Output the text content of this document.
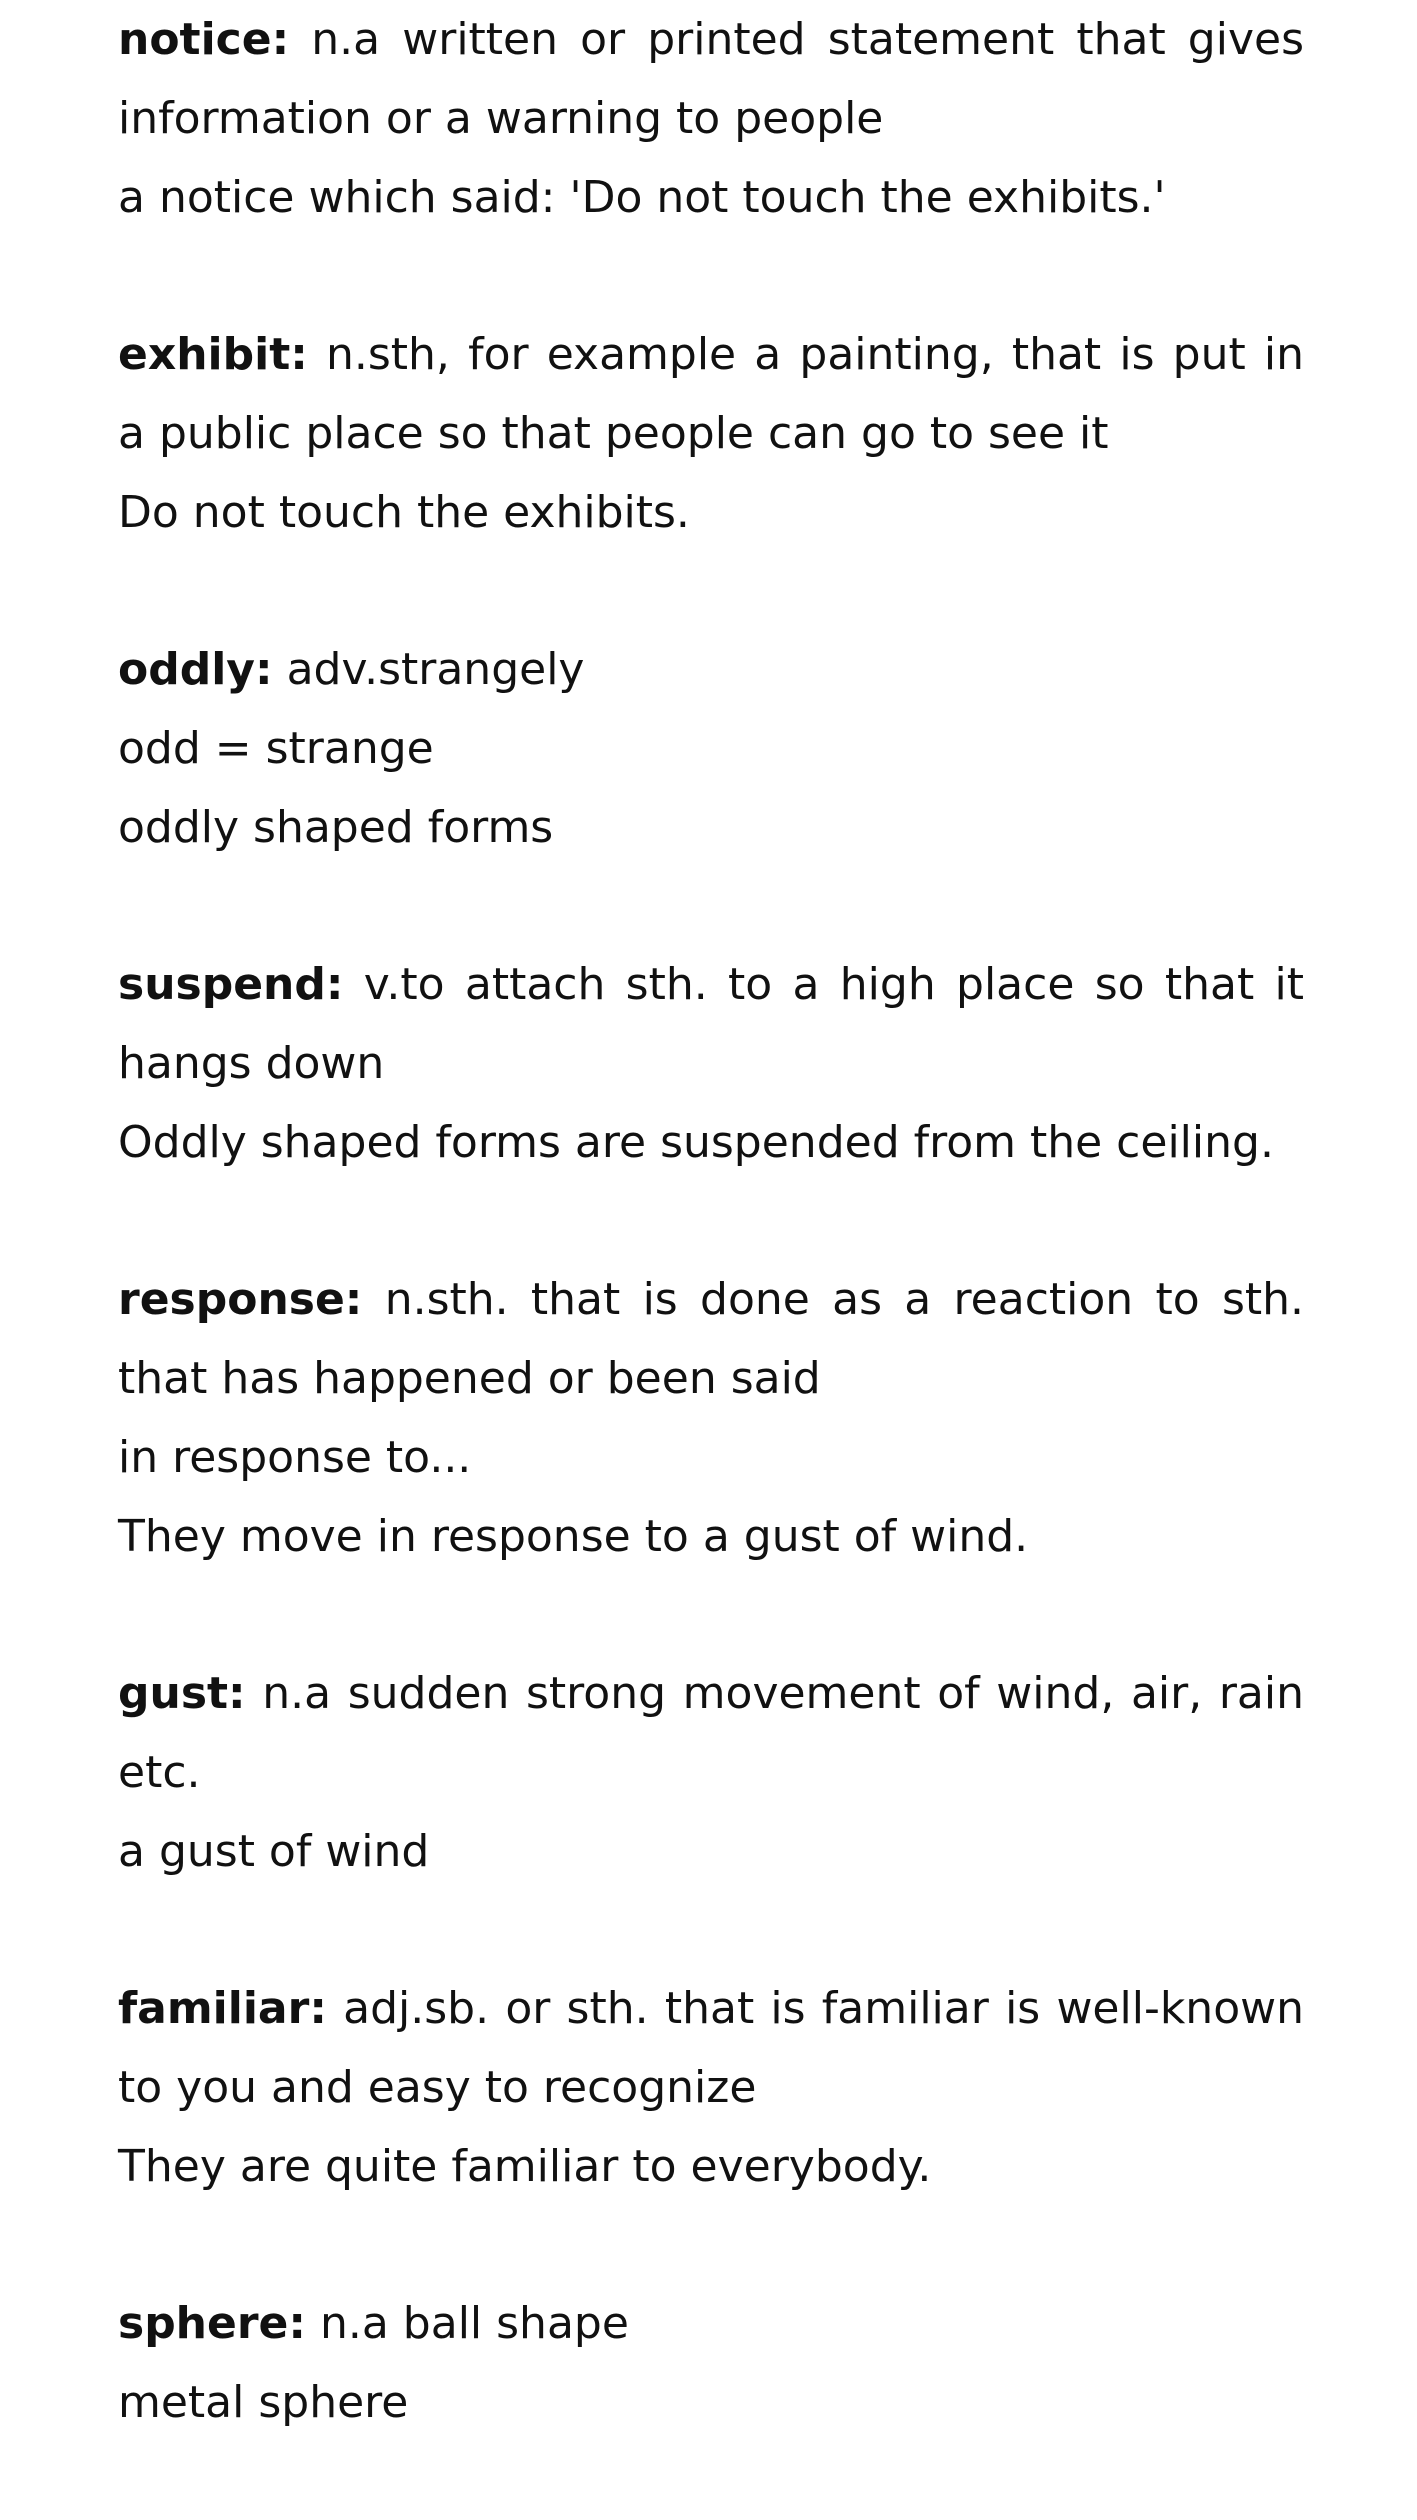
notice: n.a written or printed statement that gives information or a warning to people
a notice which said: 'Do not touch the exhibits.'
exhibit: n.sth, for example a painting, that is put in a public place so that people can go to see it
Do not touch the exhibits.
oddly: adv.strangely
odd = strange
oddly shaped forms
suspend: v.to attach sth. to a high place so that it hangs down
Oddly shaped forms are suspended from the ceiling.
response: n.sth. that is done as a reaction to sth. that has happened or been said
in response to...
They move in response to a gust of wind.
gust: n.a sudden strong movement of wind, air, rain etc.
a gust of wind
familiar: adj.sb. or sth. that is familiar is well-known to you and easy to recognize
They are quite familiar to everybody.
sphere: n.a ball shape
metal sphere
